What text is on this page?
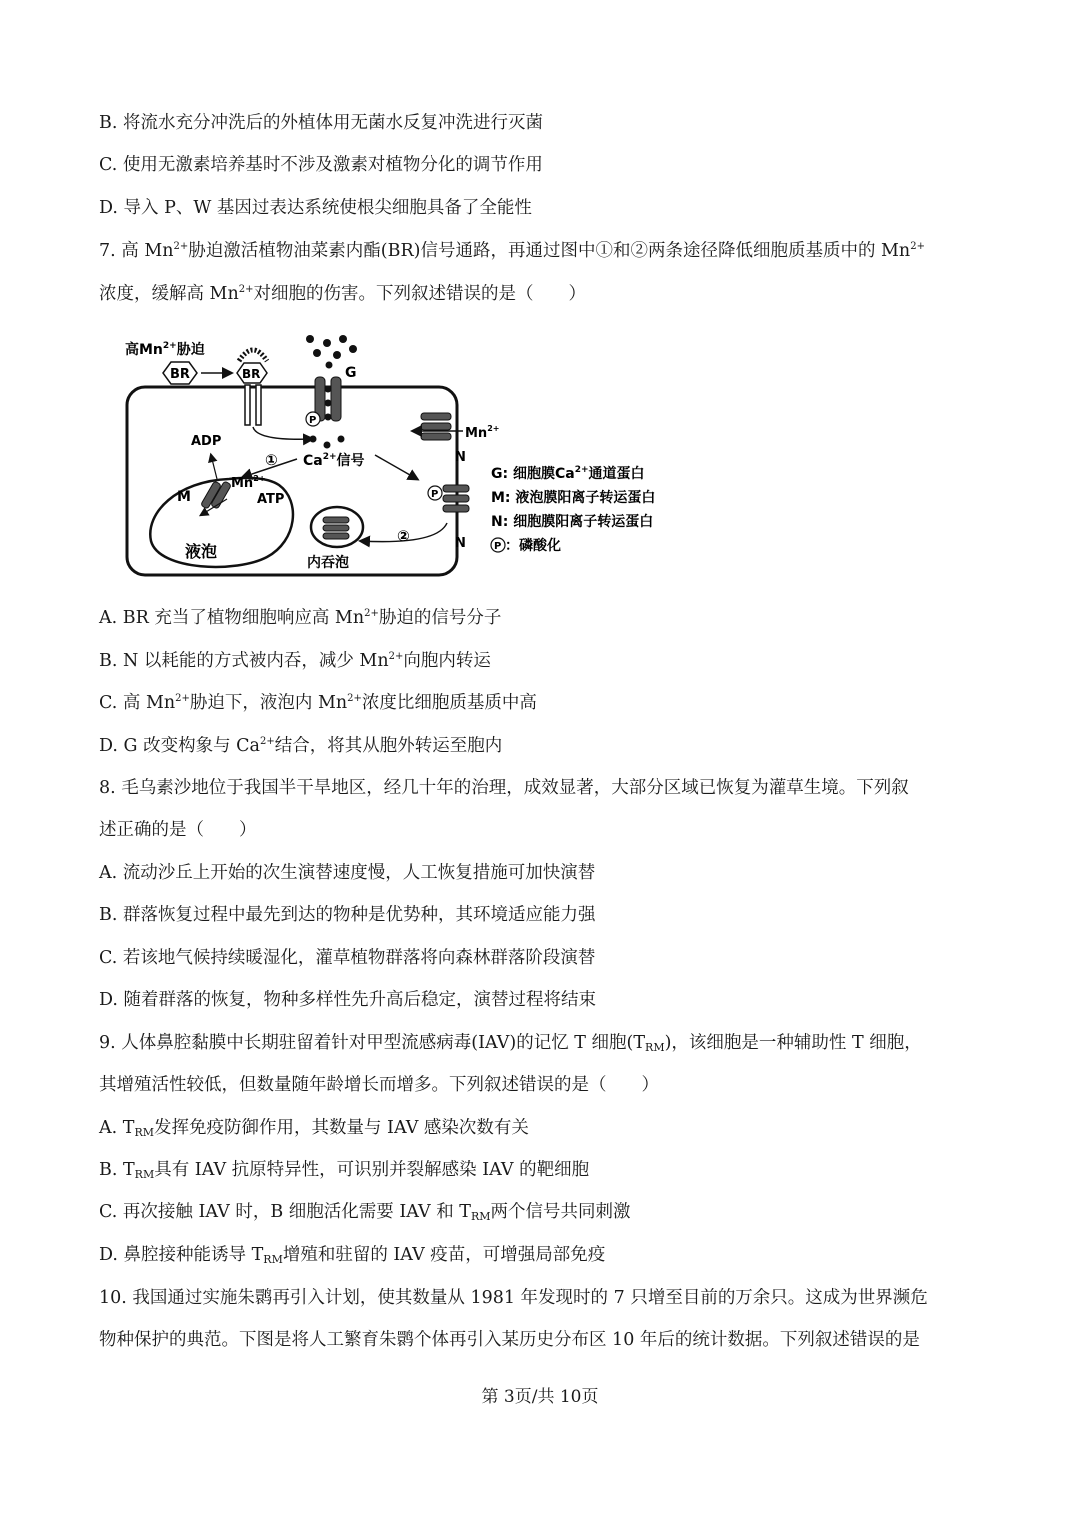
B. 将流水充分冲洗后的外植体用无菌水反复冲洗进行灭菌
C. 使用无激素培养基时不涉及激素对植物分化的调节作用
D. 导入 P、W 基因过表达系统使根尖细胞具备了全能性
7. 高 $Mn^{2+}$胁迫激活植物油菜素内酯(BR)信号通路，再通过图中①和②两条途径降低细胞质基质中的 $Mn^{2+}$
浓度，缓解高 $Mn^{2+}$对细胞的伤害。下列叙述错误的是（　　）
高$Mn^{2+}$胁迫
BR	BR	G
P
$Ca^{2+}$信号
①
液泡
M
$Mn^{2+}$
ADP
ATP
$Mn^{2+}$
N
P
N
②
内吞泡
G: 细胞膜$Ca^{2+}$通道蛋白
M: 液泡膜阳离子转运蛋白
N: 细胞膜阳离子转运蛋白
P ：磷酸化
A. BR 充当了植物细胞响应高 $Mn^{2+}$胁迫的信号分子
B. N 以耗能的方式被内吞，减少 $Mn^{2+}$向胞内转运
C. 高 $Mn^{2+}$胁迫下，液泡内 $Mn^{2+}$浓度比细胞质基质中高
D. G 改变构象与 $Ca^{2+}$结合，将其从胞外转运至胞内
8. 毛乌素沙地位于我国半干旱地区，经几十年的治理，成效显著，大部分区域已恢复为灌草生境。下列叙
述正确的是（　　）
A. 流动沙丘上开始的次生演替速度慢，人工恢复措施可加快演替
B. 群落恢复过程中最先到达的物种是优势种，其环境适应能力强
C. 若该地气候持续暖湿化，灌草植物群落将向森林群落阶段演替
D. 随着群落的恢复，物种多样性先升高后稳定，演替过程将结束
9. 人体鼻腔黏膜中长期驻留着针对甲型流感病毒(IAV)的记忆 T 细胞$(T_{RM})$，该细胞是一种辅助性 T 细胞，
其增殖活性较低，但数量随年龄增长而增多。下列叙述错误的是（　　）
A. $T_{RM}$发挥免疫防御作用，其数量与 IAV 感染次数有关
B. $T_{RM}$具有 IAV 抗原特异性，可识别并裂解感染 IAV 的靶细胞
C. 再次接触 IAV 时，B 细胞活化需要 IAV 和 $T_{RM}$两个信号共同刺激
D. 鼻腔接种能诱导 $T_{RM}$增殖和驻留的 IAV 疫苗，可增强局部免疫
10. 我国通过实施朱鹮再引入计划，使其数量从 1981 年发现时的 7 只增至目前的万余只。这成为世界濒危
物种保护的典范。下图是将人工繁育朱鹮个体再引入某历史分布区 10 年后的统计数据。下列叙述错误的是
第 3页/共 10页
